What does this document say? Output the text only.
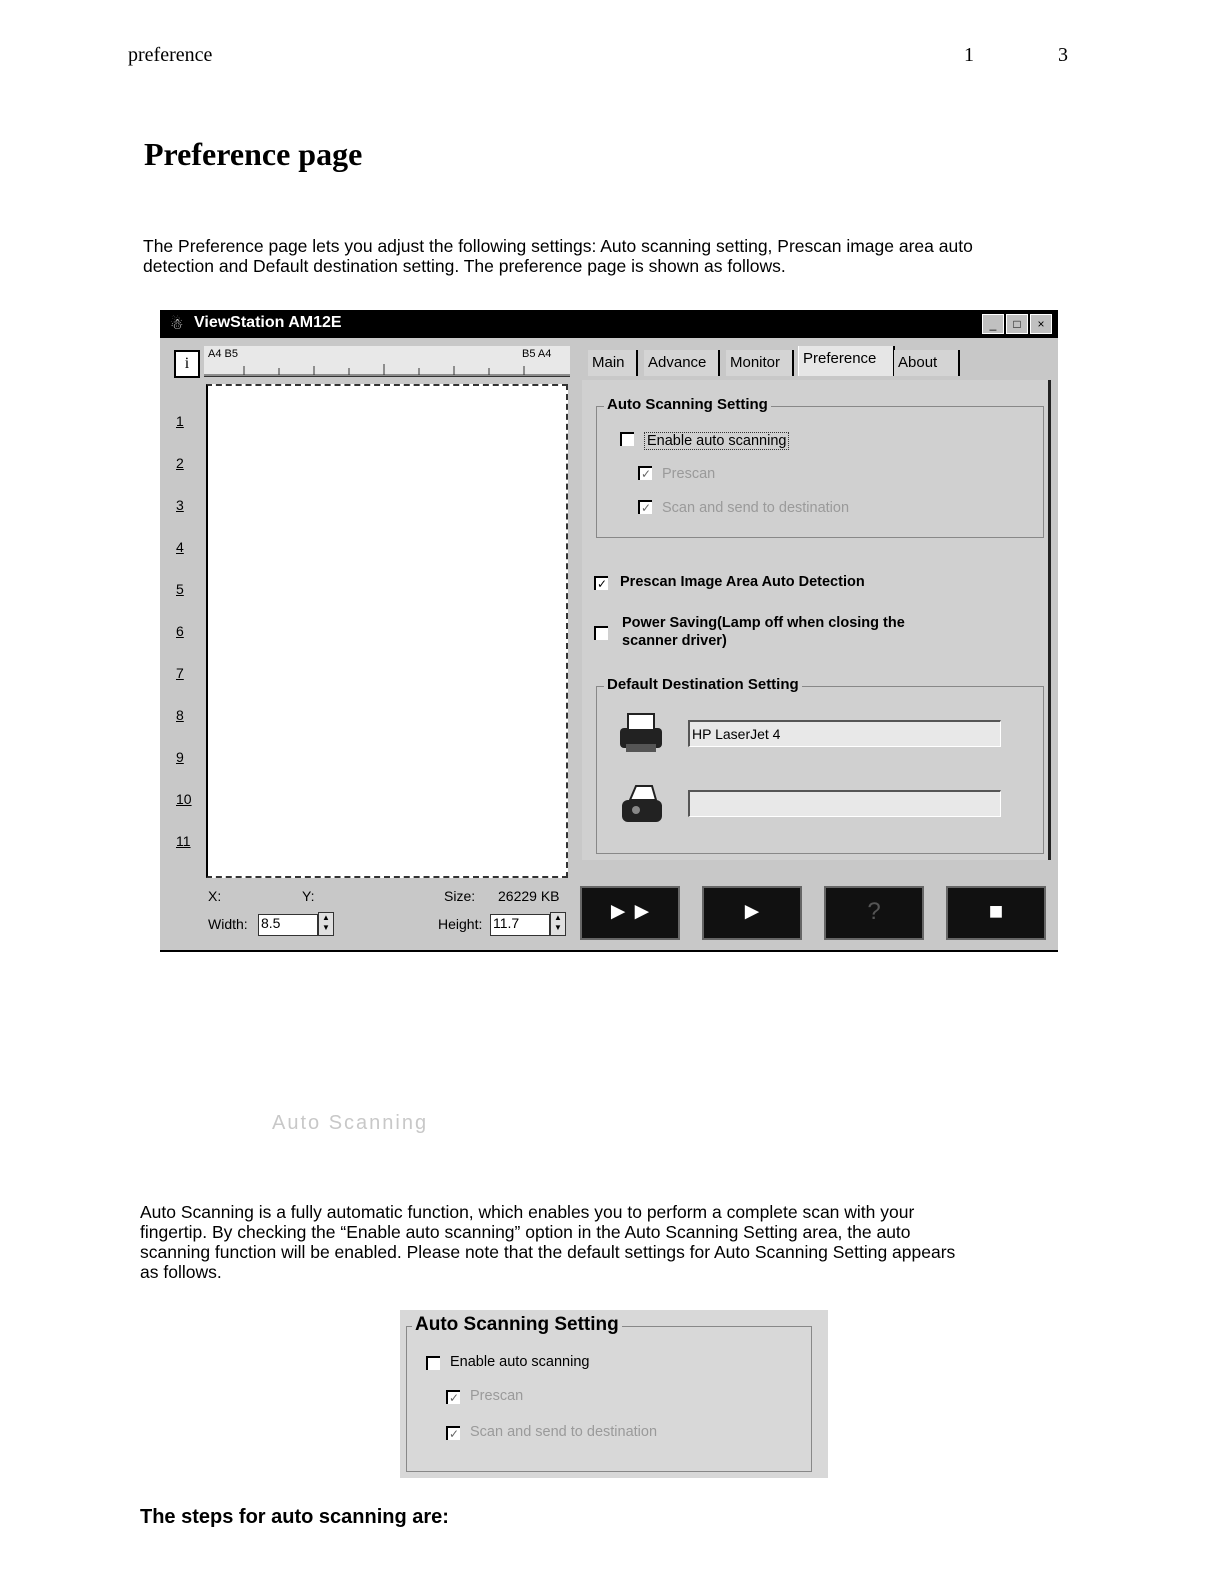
preference	1	3
Preference page
The Preference page lets you adjust the following settings: Auto scanning setting, Prescan image area auto
detection and Default destination setting. The preference page is shown as follows.
☃ ViewStation AM12E	_	□	×
i
A4 B5	B5 A4
1
2
3
4
5
6
7
8
9
10
11
Main	Advance	Monitor	Preference	About
Auto Scanning Setting
Enable auto scanning
✓ Prescan
✓ Scan and send to destination
✓ Prescan Image Area Auto Detection
Power Saving(Lamp off when closing the
scanner driver)
Default Destination Setting
HP LaserJet 4
X:	Y:	Size: 26229 KB
Width: 8.5	▲
▼	Height: 11.7	▲
▼
►►	►	?	■
Auto Scanning
Auto Scanning is a fully automatic function, which enables you to perform a complete scan with your
fingertip. By checking the “Enable auto scanning” option in the Auto Scanning Setting area, the auto
scanning function will be enabled. Please note that the default settings for Auto Scanning Setting appears
as follows.
Auto Scanning Setting
Enable auto scanning
✓ Prescan
✓ Scan and send to destination
The steps for auto scanning are:
